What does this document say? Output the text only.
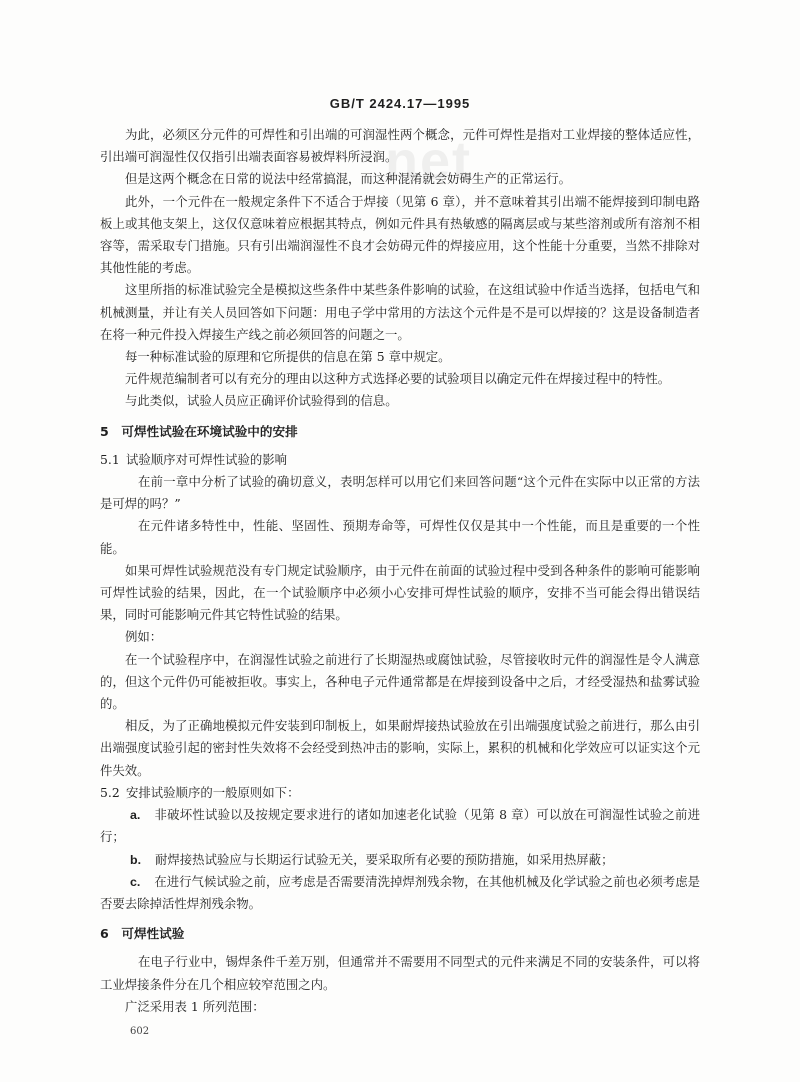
GB/T 2424.17—1995
net

为此，必须区分元件的可焊性和引出端的可润湿性两个概念，元件可焊性是指对工业焊接的整体适应性，引出端可润湿性仅仅指引出端表面容易被焊料所浸润。

但是这两个概念在日常的说法中经常搞混，而这种混淆就会妨碍生产的正常运行。

此外，一个元件在一般规定条件下不适合于焊接（见第 6 章），并不意味着其引出端不能焊接到印制电路板上或其他支架上，这仅仅意味着应根据其特点，例如元件具有热敏感的隔离层或与某些溶剂或所有溶剂不相容等，需采取专门措施。只有引出端润湿性不良才会妨碍元件的焊接应用，这个性能十分重要，当然不排除对其他性能的考虑。

这里所指的标准试验完全是模拟这些条件中某些条件影响的试验，在这组试验中作适当选择，包括电气和机械测量，并让有关人员回答如下问题：用电子学中常用的方法这个元件是不是可以焊接的？这是设备制造者在将一种元件投入焊接生产线之前必须回答的问题之一。

每一种标准试验的原理和它所提供的信息在第 5 章中规定。

元件规范编制者可以有充分的理由以这种方式选择必要的试验项目以确定元件在焊接过程中的特性。

与此类似，试验人员应正确评价试验得到的信息。

5　可焊性试验在环境试验中的安排

5.1 试验顺序对可焊性试验的影响

在前一章中分析了试验的确切意义，表明怎样可以用它们来回答问题“这个元件在实际中以正常的方法是可焊的吗？”

在元件诸多特性中，性能、坚固性、预期寿命等，可焊性仅仅是其中一个性能，而且是重要的一个性能。

如果可焊性试验规范没有专门规定试验顺序，由于元件在前面的试验过程中受到各种条件的影响可能影响可焊性试验的结果，因此，在一个试验顺序中必须小心安排可焊性试验的顺序，安排不当可能会得出错误结果，同时可能影响元件其它特性试验的结果。

例如：

在一个试验程序中，在润湿性试验之前进行了长期湿热或腐蚀试验，尽管接收时元件的润湿性是令人满意的，但这个元件仍可能被拒收。事实上，各种电子元件通常都是在焊接到设备中之后，才经受湿热和盐雾试验的。

相反，为了正确地模拟元件安装到印制板上，如果耐焊接热试验放在引出端强度试验之前进行，那么由引出端强度试验引起的密封性失效将不会经受到热冲击的影响，实际上，累积的机械和化学效应可以证实这个元件失效。

5.2 安排试验顺序的一般原则如下：

a. 非破坏性试验以及按规定要求进行的诸如加速老化试验（见第 8 章）可以放在可润湿性试验之前进行；

b. 耐焊接热试验应与长期运行试验无关，要采取所有必要的预防措施，如采用热屏蔽；

c. 在进行气候试验之前，应考虑是否需要清洗掉焊剂残余物，在其他机械及化学试验之前也必须考虑是否要去除掉活性焊剂残余物。

6　可焊性试验

在电子行业中，锡焊条件千差万别，但通常并不需要用不同型式的元件来满足不同的安装条件，可以将工业焊接条件分在几个相应较窄范围之内。

广泛采用表 1 所列范围：

602
